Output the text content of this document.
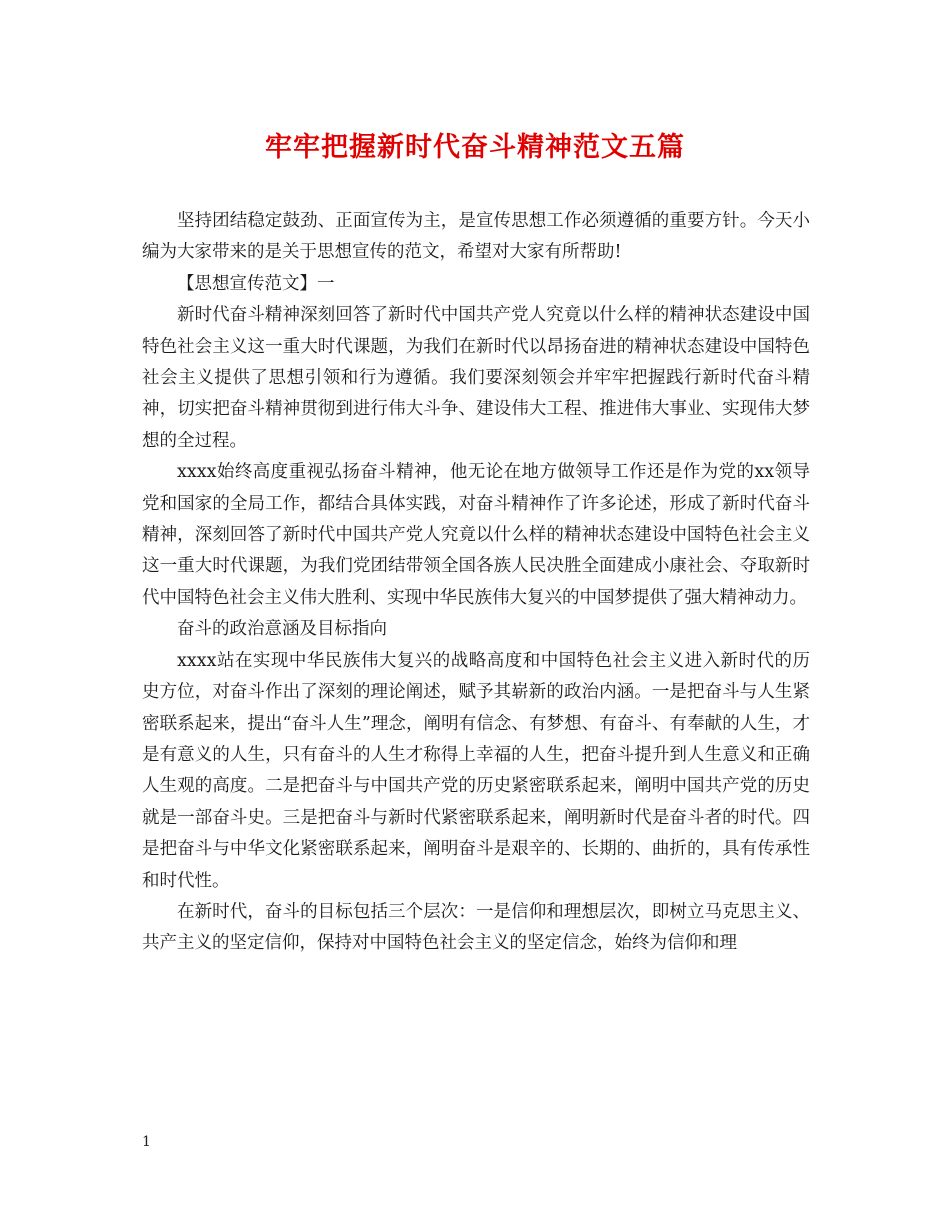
牢牢把握新时代奋斗精神范文五篇

坚持团结稳定鼓劲、正面宣传为主，是宣传思想工作必须遵循的重要方针。今天小编为大家带来的是关于思想宣传的范文，希望对大家有所帮助!

【思想宣传范文】一

新时代奋斗精神深刻回答了新时代中国共产党人究竟以什么样的精神状态建设中国特色社会主义这一重大时代课题，为我们在新时代以昂扬奋进的精神状态建设中国特色社会主义提供了思想引领和行为遵循。我们要深刻领会并牢牢把握践行新时代奋斗精神，切实把奋斗精神贯彻到进行伟大斗争、建设伟大工程、推进伟大事业、实现伟大梦想的全过程。

xxxx始终高度重视弘扬奋斗精神，他无论在地方做领导工作还是作为党的xx领导党和国家的全局工作，都结合具体实践，对奋斗精神作了许多论述，形成了新时代奋斗精神，深刻回答了新时代中国共产党人究竟以什么样的精神状态建设中国特色社会主义这一重大时代课题，为我们党团结带领全国各族人民决胜全面建成小康社会、夺取新时代中国特色社会主义伟大胜利、实现中华民族伟大复兴的中国梦提供了强大精神动力。

奋斗的政治意涵及目标指向

xxxx站在实现中华民族伟大复兴的战略高度和中国特色社会主义进入新时代的历史方位，对奋斗作出了深刻的理论阐述，赋予其崭新的政治内涵。一是把奋斗与人生紧密联系起来，提出“奋斗人生”理念，阐明有信念、有梦想、有奋斗、有奉献的人生，才是有意义的人生，只有奋斗的人生才称得上幸福的人生，把奋斗提升到人生意义和正确人生观的高度。二是把奋斗与中国共产党的历史紧密联系起来，阐明中国共产党的历史就是一部奋斗史。三是把奋斗与新时代紧密联系起来，阐明新时代是奋斗者的时代。四是把奋斗与中华文化紧密联系起来，阐明奋斗是艰辛的、长期的、曲折的，具有传承性和时代性。

在新时代，奋斗的目标包括三个层次：一是信仰和理想层次，即树立马克思主义、共产主义的坚定信仰，保持对中国特色社会主义的坚定信念，始终为信仰和理

1
